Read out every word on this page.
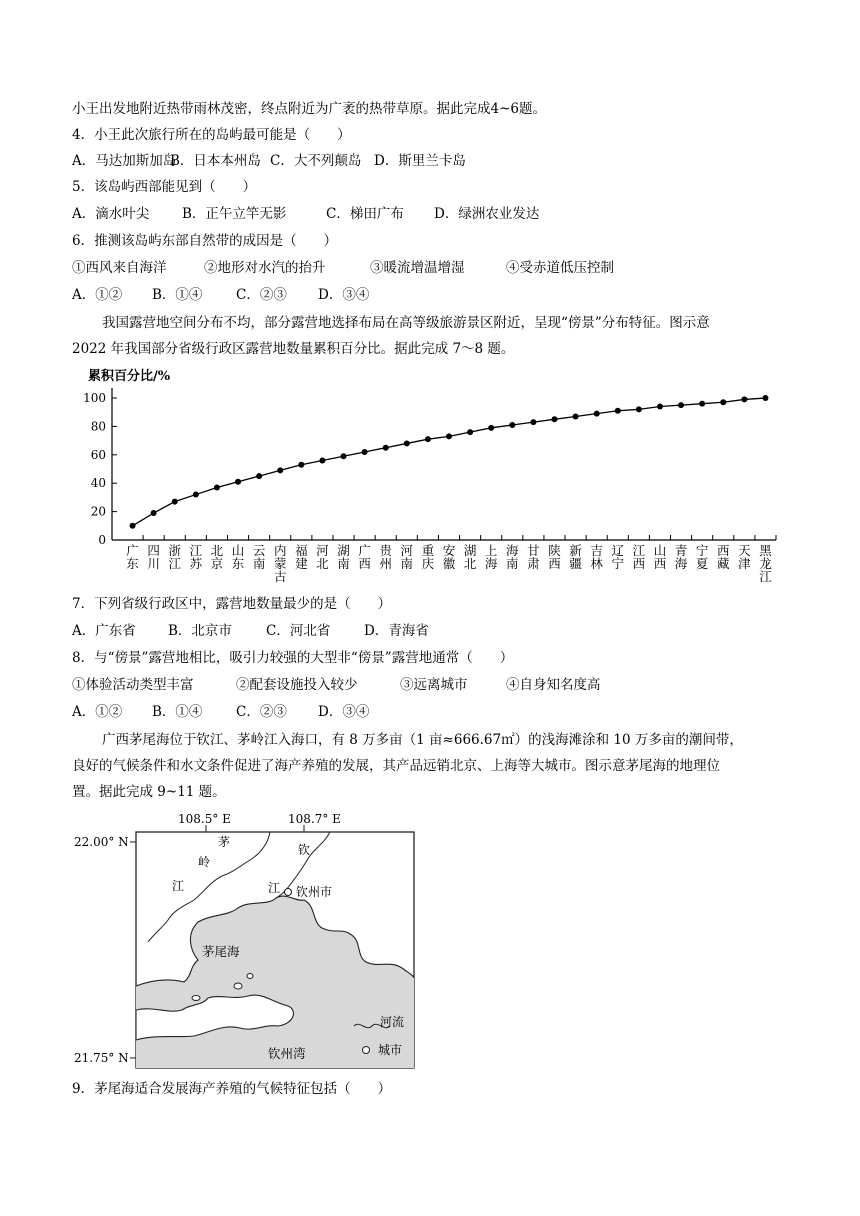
小王出发地附近热带雨林茂密，终点附近为广袤的热带草原。据此完成4~6题。
4．小王此次旅行所在的岛屿最可能是（　　）
A．马达加斯加岛B．日本本州岛 C．大不列颠岛 D．斯里兰卡岛
5．该岛屿西部能见到（　　）
A．滴水叶尖 B．正午立竿无影	C．梯田广布 D．绿洲农业发达
6．推测该岛屿东部自然带的成因是（　　）
①西风来自海洋	②地形对水汽的抬升	③暖流增温增湿	④受赤道低压控制
A．①② B．①④ C．②③ D．③④
我国露营地空间分布不均，部分露营地选择布局在高等级旅游景区附近，呈现“傍景”分布特征。图示意
2022 年我国部分省级行政区露营地数量累积百分比。据此完成 7～8 题。
累积百分比/%
0
20
40
60
80
100
广
东
四
川
浙
江
江
苏
北
京
山
东
云
南
内
蒙
古
福
建
河
北
湖
南
广
西
贵
州
河
南
重
庆
安
徽
湖
北
上
海
海
南
甘
肃
陕
西
新
疆
吉
林
辽
宁
江
西
山
西
青
海
宁
夏
西
藏
天
津
黑
龙
江
7．下列省级行政区中，露营地数量最少的是（　　）
A．广东省 B．北京市	C．河北省 D．青海省
8．与“傍景”露营地相比，吸引力较强的大型非“傍景”露营地通常（　　）
①体验活动类型丰富	②配套设施投入较少	③远离城市	④自身知名度高
A．①② B．①④ C．②③ D．③④
广西茅尾海位于钦江、茅岭江入海口，有 8 万多亩（1 亩≈666.67㎡）的浅海滩涂和 10 万多亩的潮间带，
良好的气候条件和水文条件促进了海产养殖的发展，其产品远销北京、上海等大城市。图示意茅尾海的地理位
置。据此完成 9~11 题。
108.5° E	108.7° E
22.00° N
21.75° N
茅
岭
江
钦
江 钦州市
茅尾海
钦州湾
河流
城市
9．茅尾海适合发展海产养殖的气候特征包括（　　）
